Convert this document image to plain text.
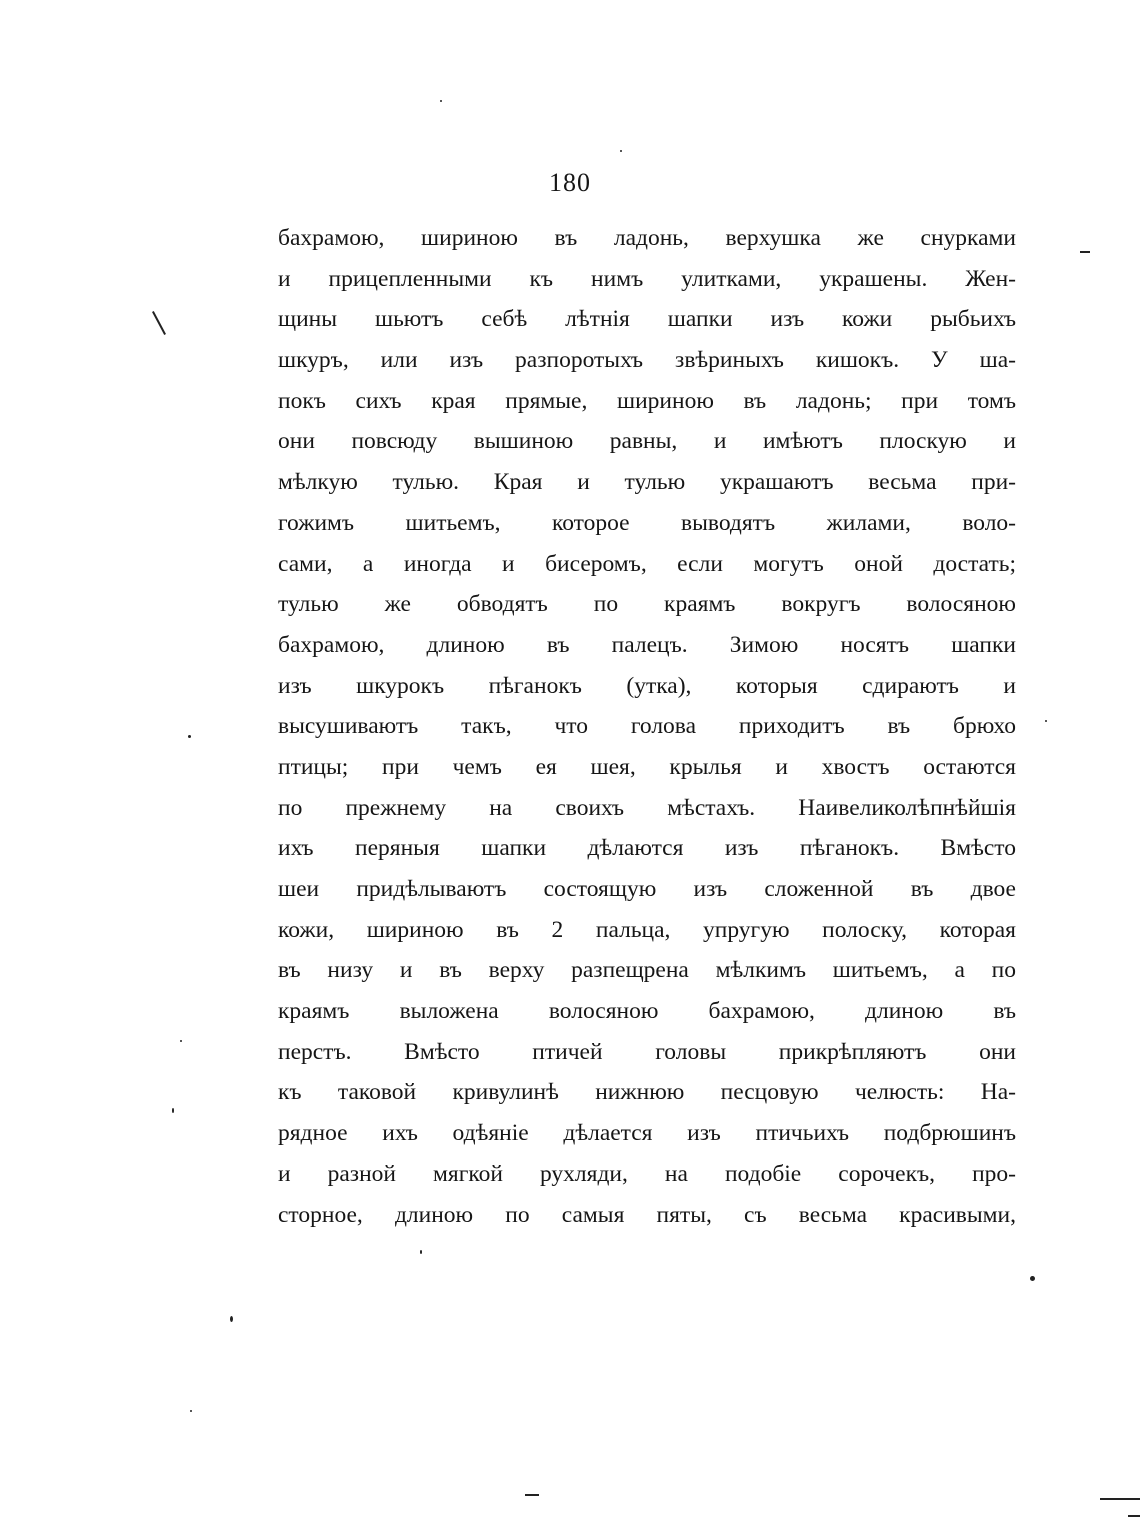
180
бахрамою, шириною въ ладонь, верхушка же снурками
и прицепленными къ нимъ улитками, украшены. Жен-
щины шьютъ себѣ лѣтнія шапки изъ кожи рыбьихъ
шкуръ, или изъ разпоротыхъ звѣриныхъ кишокъ. У ша-
покъ сихъ края прямые, шириною въ ладонь; при томъ
они повсюду вышиною равны, и имѣютъ плоскую и
мѣлкую тулью. Края и тулью украшаютъ весьма при-
гожимъ шитьемъ, которое выводятъ жилами, воло-
сами, а иногда и бисеромъ, если могутъ оной достать;
тулью же обводятъ по краямъ вокругъ волосяною
бахрамою, длиною въ палецъ. Зимою носятъ шапки
изъ шкурокъ пѣганокъ (утка), которыя сдираютъ и
высушиваютъ такъ, что голова приходитъ въ брюхо
птицы; при чемъ ея шея, крылья и хвостъ остаются
по прежнему на своихъ мѣстахъ. Наивеликолѣпнѣйшія
ихъ перяныя шапки дѣлаются изъ пѣганокъ. Вмѣсто
шеи придѣлываютъ состоящую изъ сложенной въ двое
кожи, шириною въ 2 пальца, упругую полоску, которая
въ низу и въ верху разпещрена мѣлкимъ шитьемъ, а по
краямъ выложена волосяною бахрамою, длиною въ
перстъ. Вмѣсто птичей головы прикрѣпляютъ они
къ таковой кривулинѣ нижнюю песцовую челюсть: На-
рядное ихъ одѣяніе дѣлается изъ птичьихъ подбрюшинъ
и разной мягкой рухляди, на подобіе сорочекъ, про-
сторное, длиною по самыя пяты, съ весьма красивыми,
